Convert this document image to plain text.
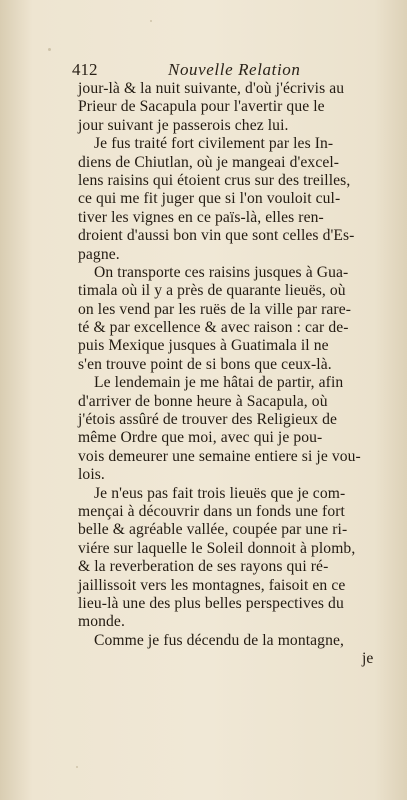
412	Nouvelle Relation
jour-là & la nuit suivante, d'où j'écrivis au
Prieur de Sacapula pour l'avertir que le
jour suivant je passerois chez lui.
Je fus traité fort civilement par les In-
diens de Chiutlan, où je mangeai d'excel-
lens raisins qui étoient crus sur des treilles,
ce qui me fit juger que si l'on vouloit cul-
tiver les vignes en ce païs-là, elles ren-
droient d'aussi bon vin que sont celles d'Es-
pagne.
On transporte ces raisins jusques à Gua-
timala où il y a près de quarante lieuës, où
on les vend par les ruës de la ville par rare-
té & par excellence & avec raison : car de-
puis Mexique jusques à Guatimala il ne
s'en trouve point de si bons que ceux-là.
Le lendemain je me hâtai de partir, afin
d'arriver de bonne heure à Sacapula, où
j'étois assûré de trouver des Religieux de
même Ordre que moi, avec qui je pou-
vois demeurer une semaine entiere si je vou-
lois.
Je n'eus pas fait trois lieuës que je com-
mençai à découvrir dans un fonds une fort
belle & agréable vallée, coupée par une ri-
viére sur laquelle le Soleil donnoit à plomb,
& la reverberation de ses rayons qui ré-
jaillissoit vers les montagnes, faisoit en ce
lieu-là une des plus belles perspectives du
monde.
Comme je fus décendu de la montagne,
je
